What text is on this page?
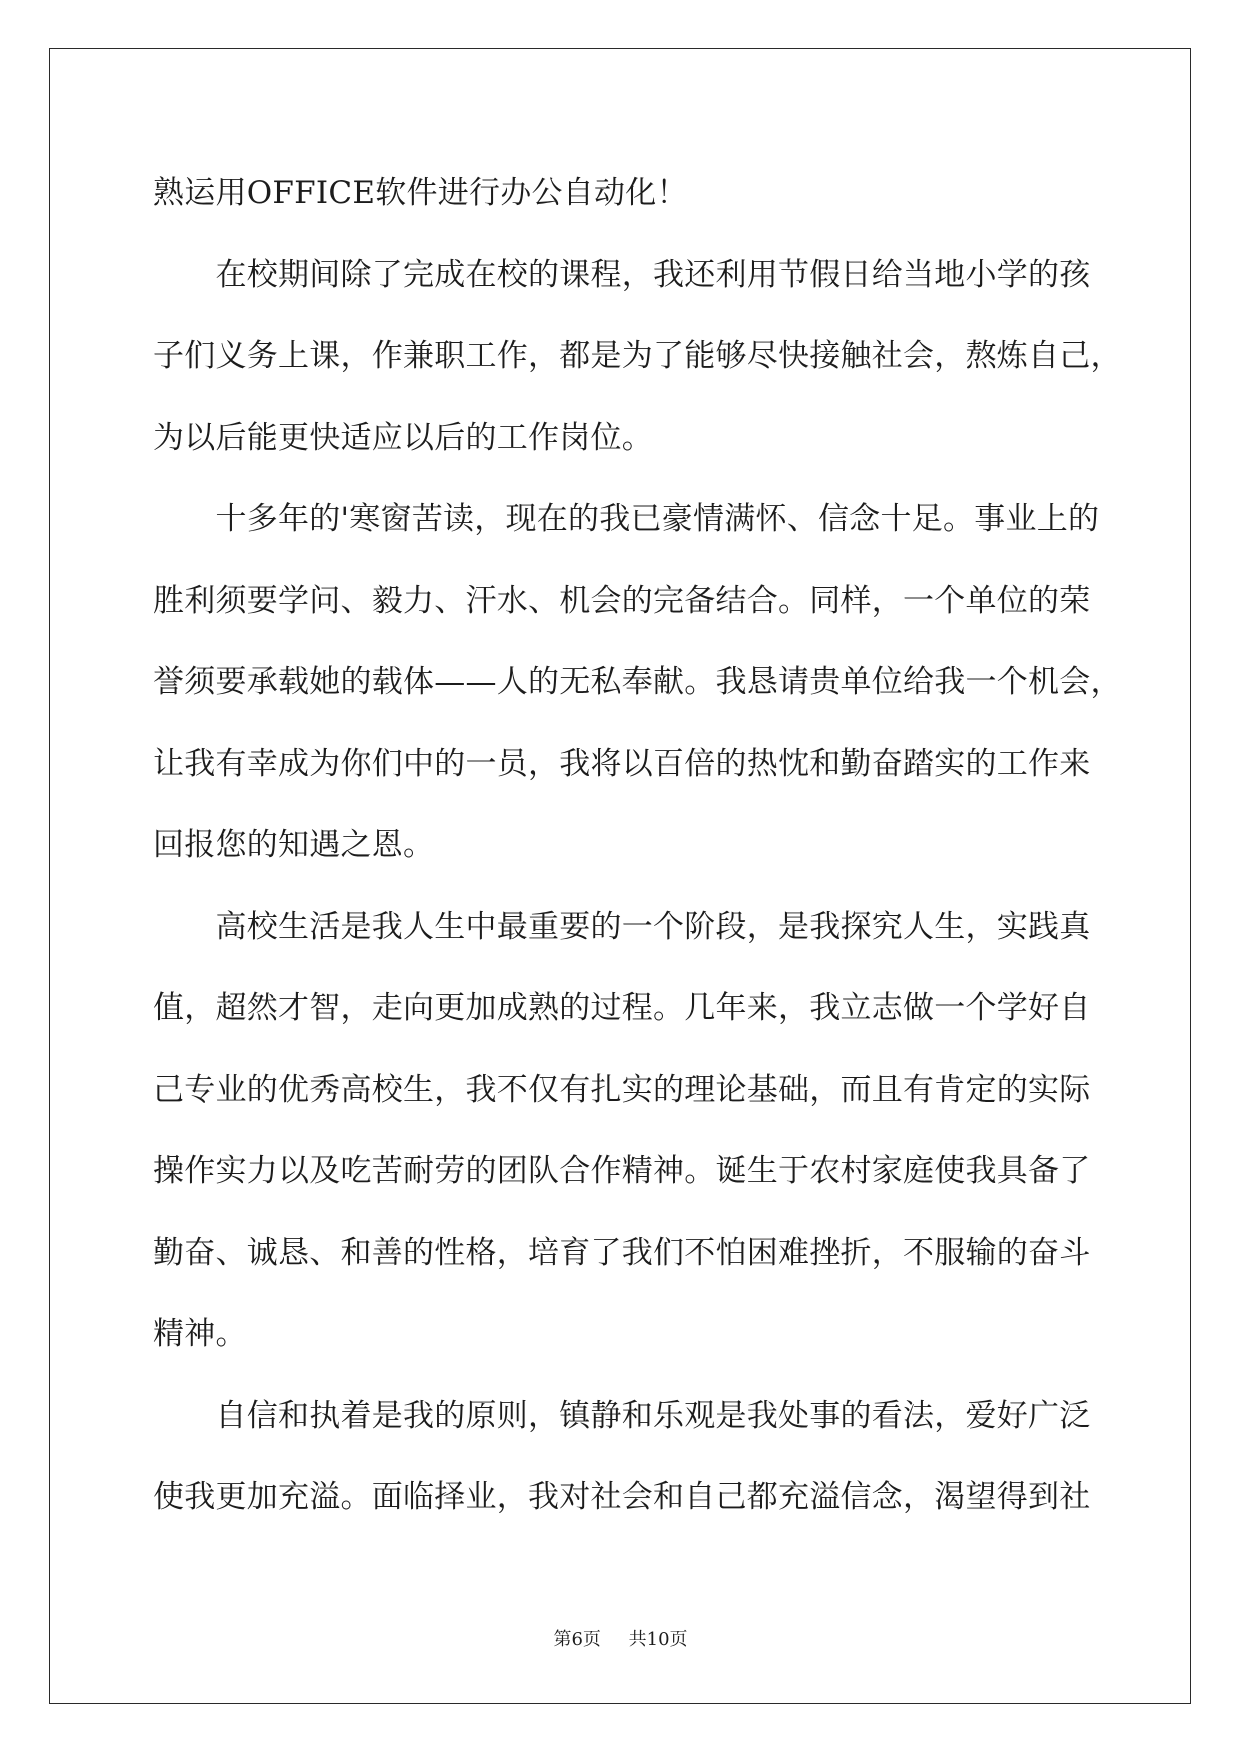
熟运用OFFICE软件进行办公自动化！
在校期间除了完成在校的课程，我还利用节假日给当地小学的孩
子们义务上课，作兼职工作，都是为了能够尽快接触社会，熬炼自己，
为以后能更快适应以后的工作岗位。
十多年的'寒窗苦读，现在的我已豪情满怀、信念十足。事业上的
胜利须要学问、毅力、汗水、机会的完备结合。同样，一个单位的荣
誉须要承载她的载体——人的无私奉献。我恳请贵单位给我一个机会，
让我有幸成为你们中的一员，我将以百倍的热忱和勤奋踏实的工作来
回报您的知遇之恩。
高校生活是我人生中最重要的一个阶段，是我探究人生，实践真
值，超然才智，走向更加成熟的过程。几年来，我立志做一个学好自
己专业的优秀高校生，我不仅有扎实的理论基础，而且有肯定的实际
操作实力以及吃苦耐劳的团队合作精神。诞生于农村家庭使我具备了
勤奋、诚恳、和善的性格，培育了我们不怕困难挫折，不服输的奋斗
精神。
自信和执着是我的原则，镇静和乐观是我处事的看法，爱好广泛
使我更加充溢。面临择业，我对社会和自己都充溢信念，渴望得到社
第6页 共10页
